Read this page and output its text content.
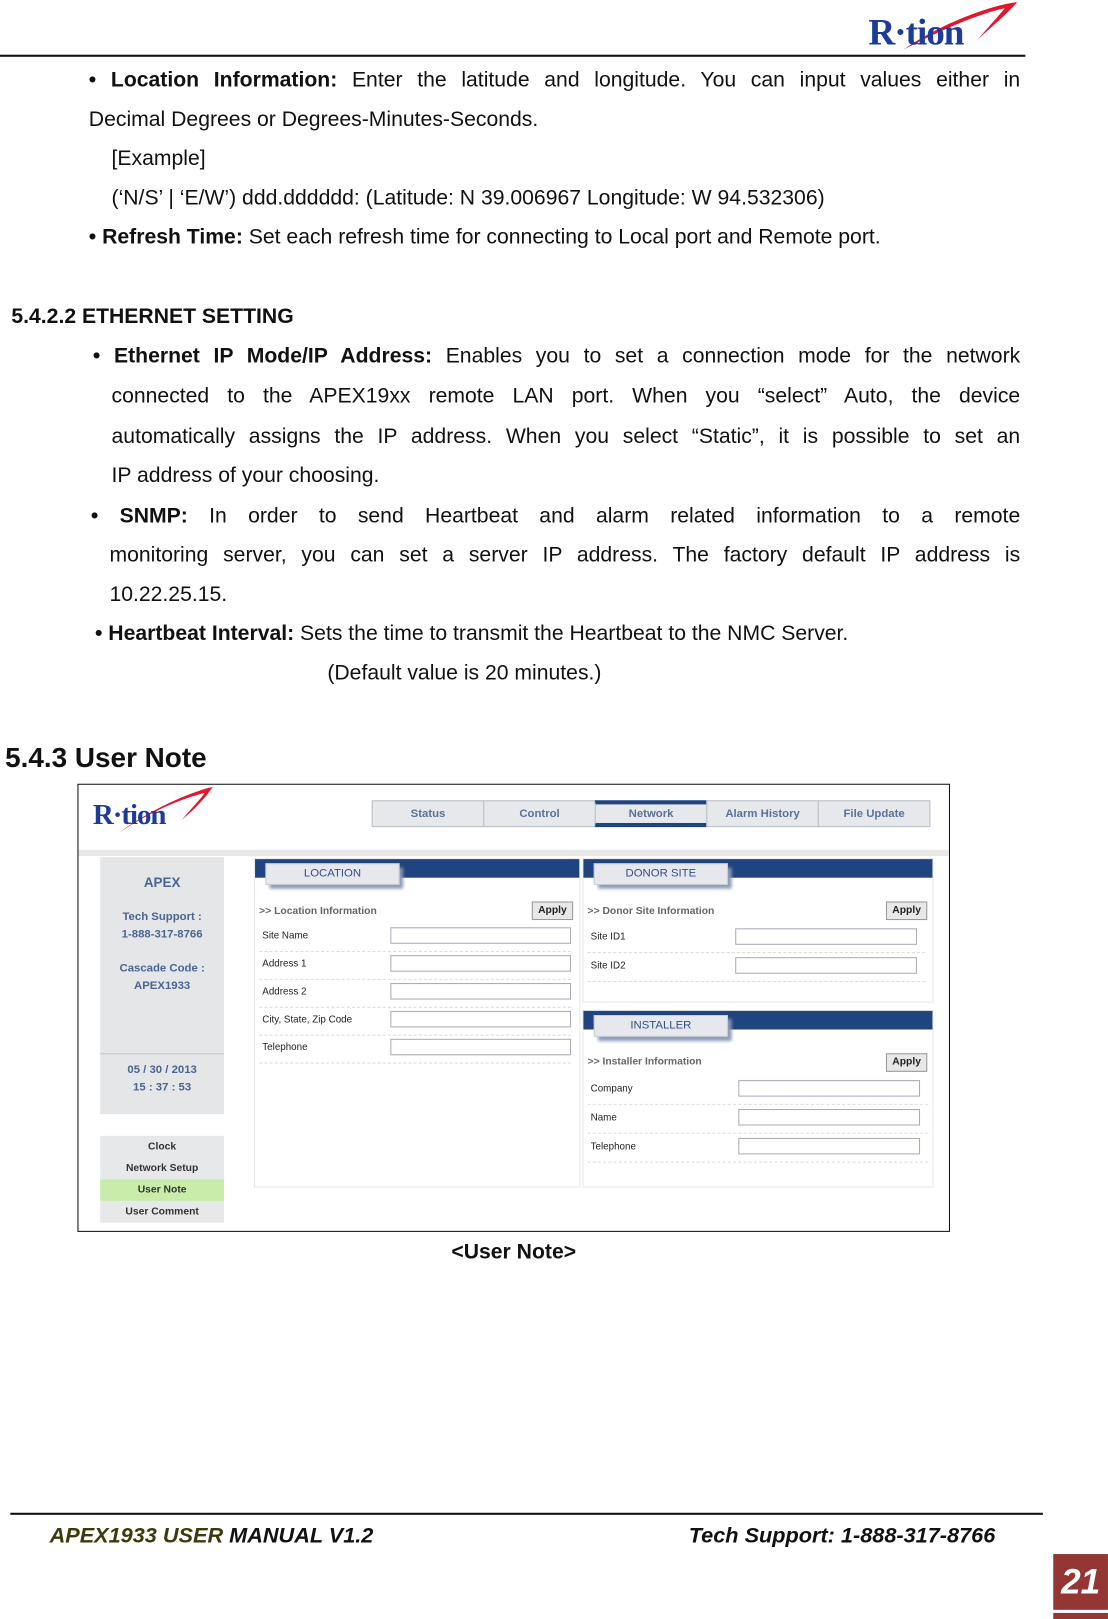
R·tion
• Location Information: Enter the latitude and longitude. You can input values either in
Decimal Degrees or Degrees-Minutes-Seconds.
[Example]
(‘N/S’ | ‘E/W’) ddd.dddddd: (Latitude: N 39.006967 Longitude: W 94.532306)
• Refresh Time: Set each refresh time for connecting to Local port and Remote port.
5.4.2.2 ETHERNET SETTING
• Ethernet IP Mode/IP Address: Enables you to set a connection mode for the network
connected to the APEX19xx remote LAN port. When you “select” Auto, the device
automatically assigns the IP address. When you select “Static”, it is possible to set an
IP address of your choosing.
• SNMP: In order to send Heartbeat and alarm related information to a remote
monitoring server, you can set a server IP address. The factory default IP address is
10.22.25.15.
• Heartbeat Interval: Sets the time to transmit the Heartbeat to the NMC Server.
(Default value is 20 minutes.)
5.4.3 User Note
R·tion	Status	Control	Network	Alarm History	File Update
APEX
Tech Support :
1-888-317-8766
Cascade Code :
APEX1933
05 / 30 / 2013
15 : 37 : 53
Clock
Network Setup
User Note
User Comment
LOCATION
>> Location Information	Apply
Site Name
Address 1
Address 2
City, State, Zip Code
Telephone
DONOR SITE
>> Donor Site Information	Apply
Site ID1
Site ID2
INSTALLER
>> Installer Information	Apply
Company
Name
Telephone
<User Note>
APEX1933 USER MANUAL V1.2	Tech Support: 1-888-317-8766
21
